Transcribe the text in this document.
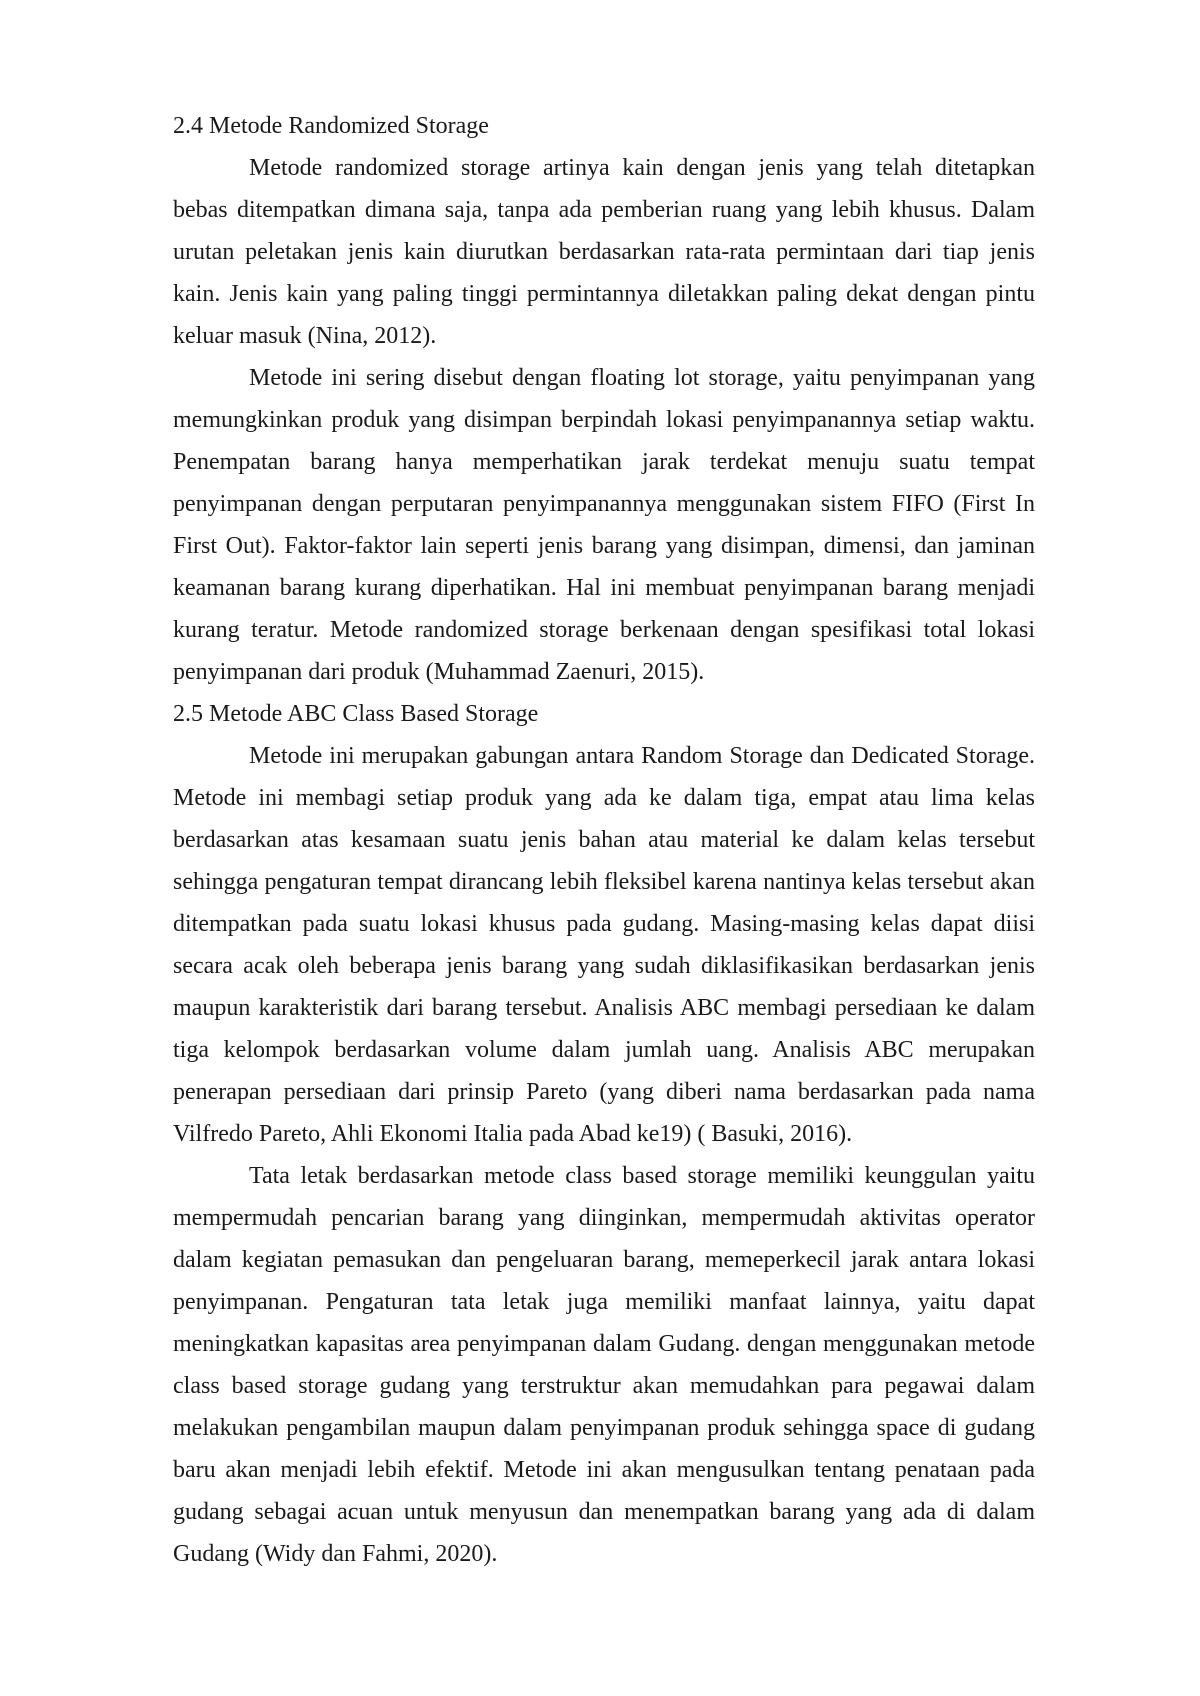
2.4 Metode Randomized Storage

Metode randomized storage artinya kain dengan jenis yang telah ditetapkan bebas ditempatkan dimana saja, tanpa ada pemberian ruang yang lebih khusus. Dalam urutan peletakan jenis kain diurutkan berdasarkan rata-rata permintaan dari tiap jenis kain. Jenis kain yang paling tinggi permintannya diletakkan paling dekat dengan pintu keluar masuk (Nina, 2012).

Metode ini sering disebut dengan floating lot storage, yaitu penyimpanan yang memungkinkan produk yang disimpan berpindah lokasi penyimpanannya setiap waktu. Penempatan barang hanya memperhatikan jarak terdekat menuju suatu tempat penyimpanan dengan perputaran penyimpanannya menggunakan sistem FIFO (First In First Out). Faktor-faktor lain seperti jenis barang yang disimpan, dimensi, dan jaminan keamanan barang kurang diperhatikan. Hal ini membuat penyimpanan barang menjadi kurang teratur. Metode randomized storage berkenaan dengan spesifikasi total lokasi penyimpanan dari produk (Muhammad Zaenuri, 2015).

2.5 Metode ABC Class Based Storage

Metode ini merupakan gabungan antara Random Storage dan Dedicated Storage. Metode ini membagi setiap produk yang ada ke dalam tiga, empat atau lima kelas berdasarkan atas kesamaan suatu jenis bahan atau material ke dalam kelas tersebut sehingga pengaturan tempat dirancang lebih fleksibel karena nantinya kelas tersebut akan ditempatkan pada suatu lokasi khusus pada gudang. Masing-masing kelas dapat diisi secara acak oleh beberapa jenis barang yang sudah diklasifikasikan berdasarkan jenis maupun karakteristik dari barang tersebut. Analisis ABC membagi persediaan ke dalam tiga kelompok berdasarkan volume dalam jumlah uang. Analisis ABC merupakan penerapan persediaan dari prinsip Pareto (yang diberi nama berdasarkan pada nama Vilfredo Pareto, Ahli Ekonomi Italia pada Abad ke19) ( Basuki, 2016).

Tata letak berdasarkan metode class based storage memiliki keunggulan yaitu mempermudah pencarian barang yang diinginkan, mempermudah aktivitas operator dalam kegiatan pemasukan dan pengeluaran barang, memeperkecil jarak antara lokasi penyimpanan. Pengaturan tata letak juga memiliki manfaat lainnya, yaitu dapat meningkatkan kapasitas area penyimpanan dalam Gudang. dengan menggunakan metode class based storage gudang yang terstruktur akan memudahkan para pegawai dalam melakukan pengambilan maupun dalam penyimpanan produk sehingga space di gudang baru akan menjadi lebih efektif. Metode ini akan mengusulkan tentang penataan pada gudang sebagai acuan untuk menyusun dan menempatkan barang yang ada di dalam Gudang (Widy dan Fahmi, 2020).
